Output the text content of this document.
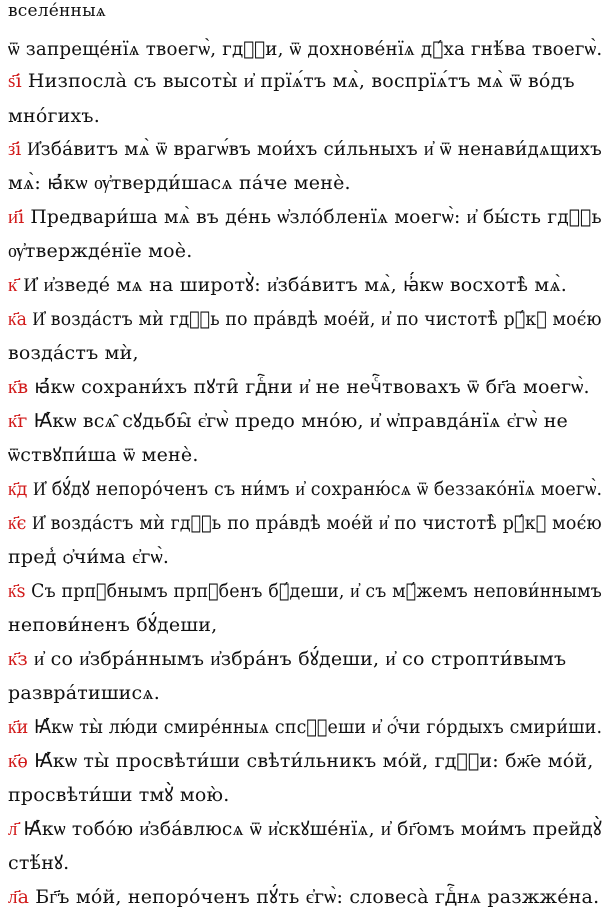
вселе́нныѧ
ѿ запреще́нїѧ твоегѡ̀, гдⷭ҇и, ѿ дохнове́нїѧ дꙋ́ха гнѣ́ва твоегѡ̀.
ѕ҃і Низпосла̀ съ высоты̀ и҆ прїѧ́тъ мѧ̀, воспрїѧ́тъ мѧ̀ ѿ во́дъ
мно́гихъ.
з҃і И҆зба́витъ мѧ̀ ѿ врагѡ́въ мои́хъ си́льныхъ и҆ ѿ ненави́дѧщихъ
мѧ̀: ꙗ҆́кѡ ѹ҆тверди́шасѧ па́че менѐ.
и҃і Предвари́ша мѧ̀ въ де́нь ѡ҆зло́бленїѧ моегѡ̀: и҆ бы́сть гдⷭ҇ь
ѹ҆твержде́нїе моѐ.
к҃ И҆ и҆зведе́ мѧ на широтꙋ̀: и҆зба́витъ мѧ̀, ꙗ҆́кѡ восхотѣ̀ мѧ̀.
к҃а И҆ возда́стъ мѝ гдⷭ҇ь по пра́вдѣ мое́й, и҆ по чистотѣ̀ рꙋ́кꙋ моє́ю
возда́стъ мѝ,
к҃в ꙗ҆́кѡ сохрани́хъ пꙋти̑ гдⷭ҇ни и҆ не нечⷭ҇твовахъ ѿ бг҃а моегѡ̀.
к҃г Ꙗ҆́кѡ всѧ̑ сꙋдьбы̑ є҆гѡ̀ предо мно́ю, и҆ ѡ҆правда́нїѧ є҆гѡ̀ не
ѿствꙋпи́ша ѿ менѐ.
к҃д И҆ бꙋ́дꙋ непоро́ченъ съ ни́мъ и҆ сохраню́сѧ ѿ беззако́нїѧ моегѡ̀.
к҃є И҆ возда́стъ мѝ гдⷭ҇ь по пра́вдѣ мое́й и҆ по чистотѣ̀ рꙋ́кꙋ моє́ю
пред̾ ѻ҆чи́ма є҆гѡ̀.
к҃ѕ Съ прпⷣбнымъ прпⷣбенъ бꙋ́деши, и҆ съ мꙋ́жемъ непови́ннымъ
непови́ненъ бꙋ́деши,
к҃з и҆ со и҆збра́ннымъ и҆збра́нъ бꙋ́деши, и҆ со стропти́вымъ
развра́тишисѧ.
к҃и Ꙗ҆́кѡ ты̀ лю́ди смире́нныѧ спсⷭ҇еши и҆ ѻ҆́чи го́рдыхъ смири́ши.
к҃ѳ Ꙗ҆́кѡ ты̀ просвѣти́ши свѣти́льникъ мо́й, гдⷭ҇и: бж҃е мо́й,
просвѣти́ши тмꙋ̀ мою̀.
л҃ Ꙗ҆́кѡ тобо́ю и҆зба́влюсѧ ѿ и҆скꙋше́нїѧ, и҆ бг҃омъ мои́мъ прейдꙋ̀
стѣ́нꙋ.
л҃а Бг҃ъ мо́й, непоро́ченъ пꙋ́ть є҆гѡ̀: словеса̀ гдⷭ҇нѧ разжже́на.
